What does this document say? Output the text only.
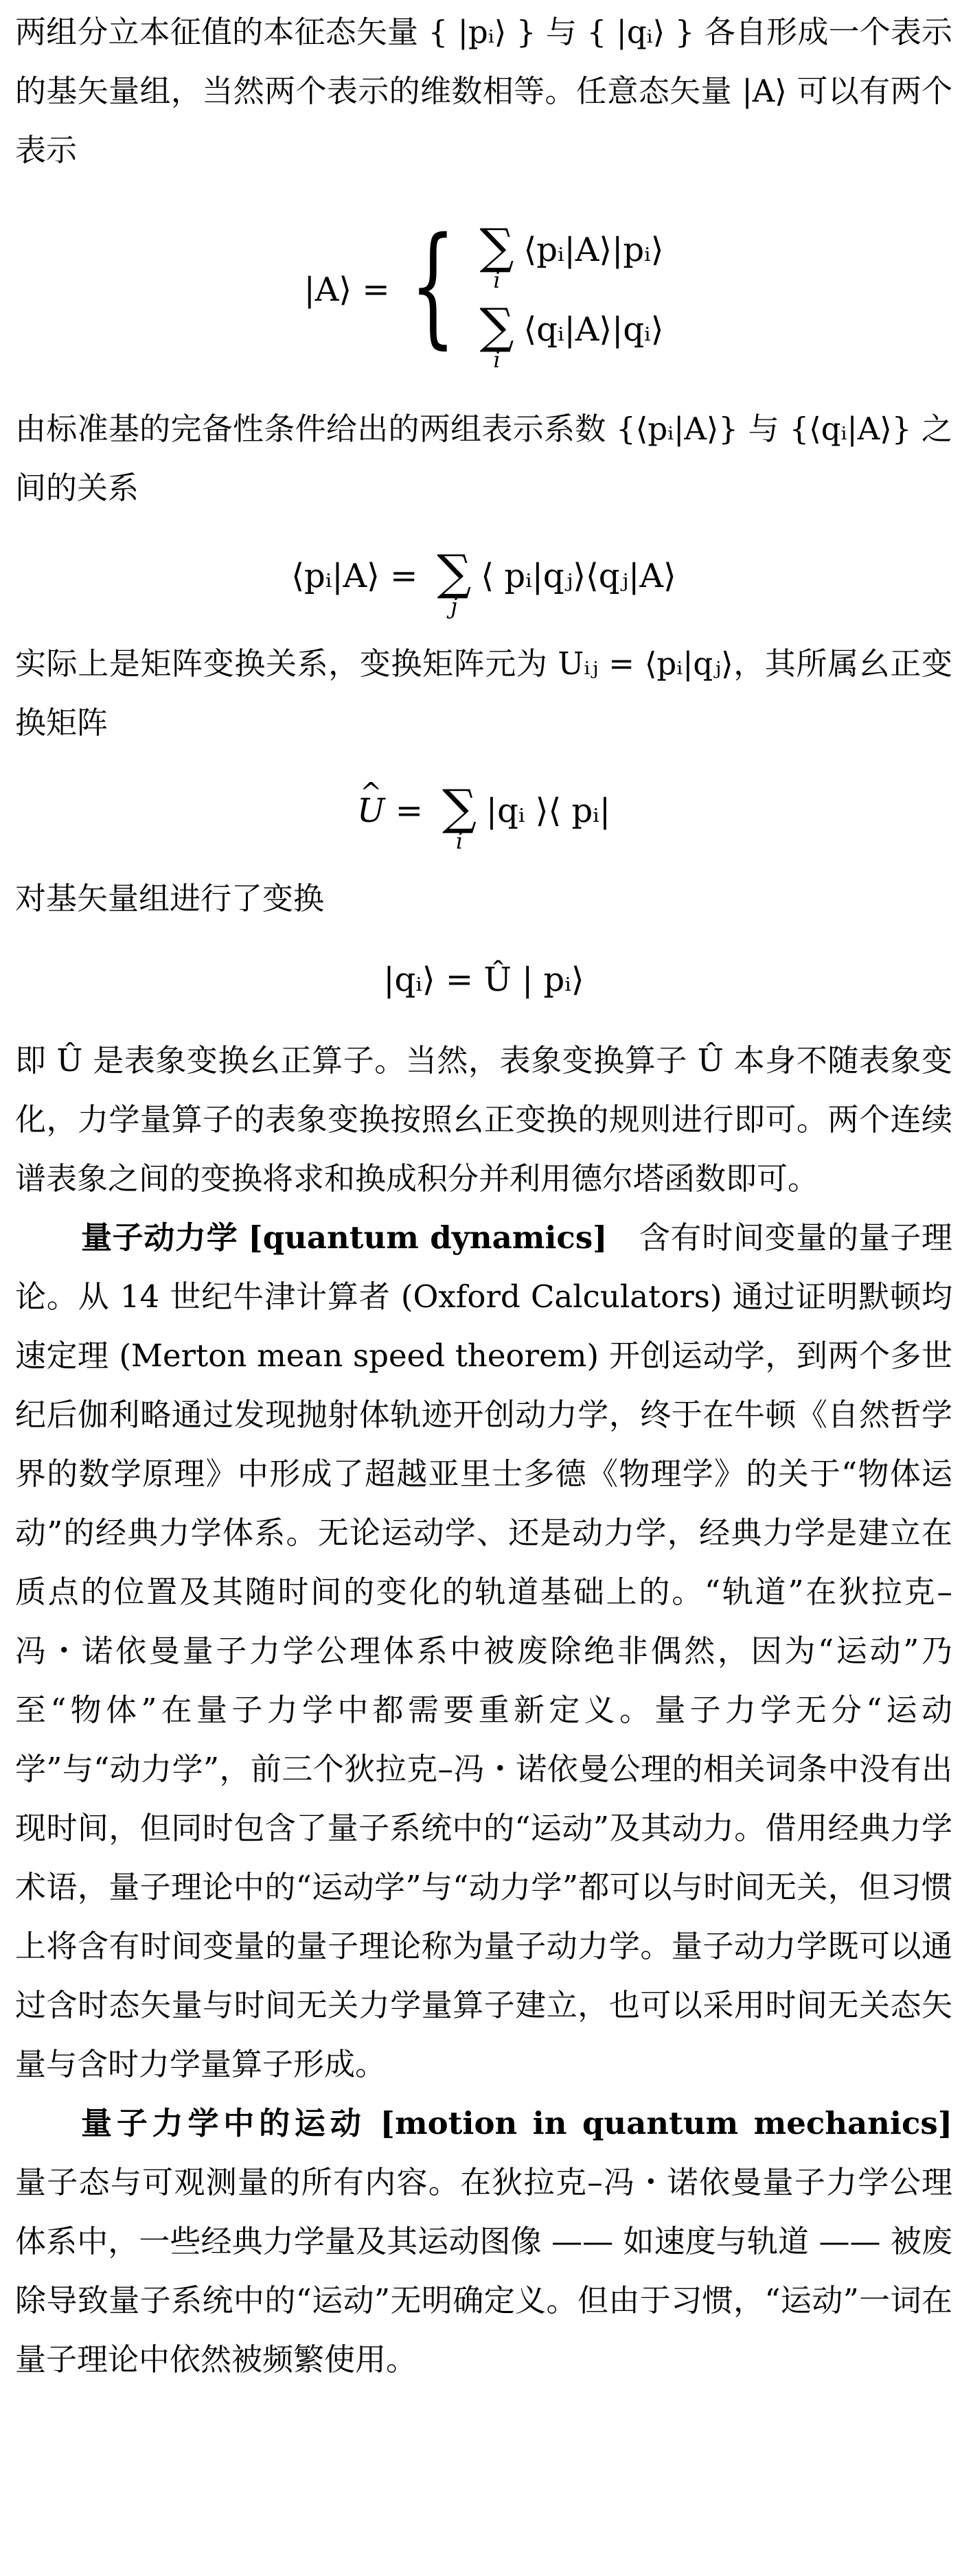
两组分立本征值的本征态矢量 { |pᵢ⟩ } 与 { |qᵢ⟩ } 各自形成一个表示的基矢量组，当然两个表示的维数相等。任意态矢量 |A⟩ 可以有两个表示

|A⟩ = { ∑
i
⟨pᵢ|A⟩|pᵢ⟩
∑
i
⟨qᵢ|A⟩|qᵢ⟩

由标准基的完备性条件给出的两组表示系数 {⟨pᵢ|A⟩} 与 {⟨qᵢ|A⟩} 之间的关系

⟨pᵢ|A⟩ = ∑
j
⟨ pᵢ|qⱼ⟩⟨qⱼ|A⟩

实际上是矩阵变换关系，变换矩阵元为 Uᵢⱼ = ⟨pᵢ|qⱼ⟩，其所属幺正变换矩阵

^ U = ∑
i
|qᵢ ⟩⟨ pᵢ|

对基矢量组进行了变换

|qᵢ⟩ = Û | pᵢ⟩

即 Û 是表象变换幺正算子。当然，表象变换算子 Û 本身不随表象变化，力学量算子的表象变换按照幺正变换的规则进行即可。两个连续谱表象之间的变换将求和换成积分并利用德尔塔函数即可。

量子动力学 [quantum dynamics]　 含有时间变量的量子理论。从 14 世纪牛津计算者 (Oxford Calculators) 通过证明默顿均速定理 (Merton mean speed theorem) 开创运动学，到两个多世纪后伽利略通过发现抛射体轨迹开创动力学，终于在牛顿《自然哲学界的数学原理》中形成了超越亚里士多德《物理学》的关于“物体运动”的经典力学体系。无论运动学、还是动力学，经典力学是建立在质点的位置及其随时间的变化的轨道基础上的。“轨道”在狄拉克–冯・诺依曼量子力学公理体系中被废除绝非偶然，因为“运动”乃至“物体”在量子力学中都需要重新定义。量子力学无分“运动学”与“动力学”，前三个狄拉克–冯・诺依曼公理的相关词条中没有出现时间，但同时包含了量子系统中的“运动”及其动力。借用经典力学术语，量子理论中的“运动学”与“动力学”都可以与时间无关，但习惯上将含有时间变量的量子理论称为量子动力学。量子动力学既可以通过含时态矢量与时间无关力学量算子建立，也可以采用时间无关态矢量与含时力学量算子形成。

量子力学中的运动 [motion in quantum mechanics]　量子态与可观测量的所有内容。在狄拉克–冯・诺依曼量子力学公理体系中，一些经典力学量及其运动图像 —— 如速度与轨道 —— 被废除导致量子系统中的“运动”无明确定义。但由于习惯，“运动”一词在量子理论中依然被频繁使用。
